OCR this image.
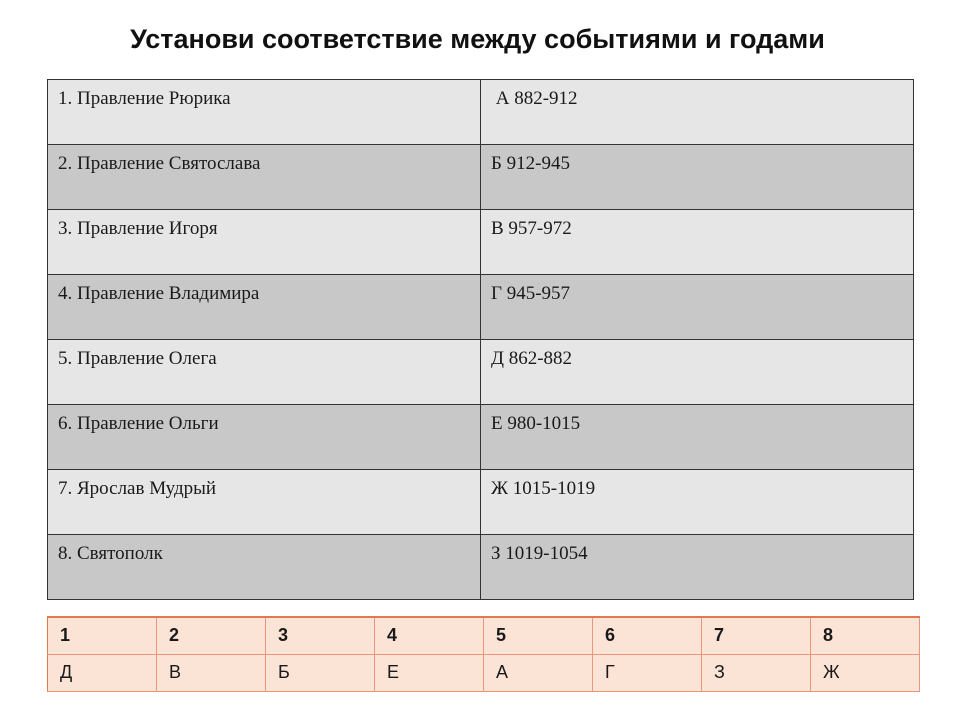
Установи соответствие между событиями и годами
1. Правление Рюрика	А 882-912
2. Правление Святослава	Б 912-945
3. Правление Игоря	В 957-972
4. Правление Владимира	Г 945-957
5. Правление Олега	Д 862-882
6. Правление Ольги	Е 980-1015
7. Ярослав Мудрый	Ж 1015-1019
8. Святополк	З 1019-1054
1	2	3	4	5	6	7	8
Д	В	Б	Е	А	Г	З	Ж
